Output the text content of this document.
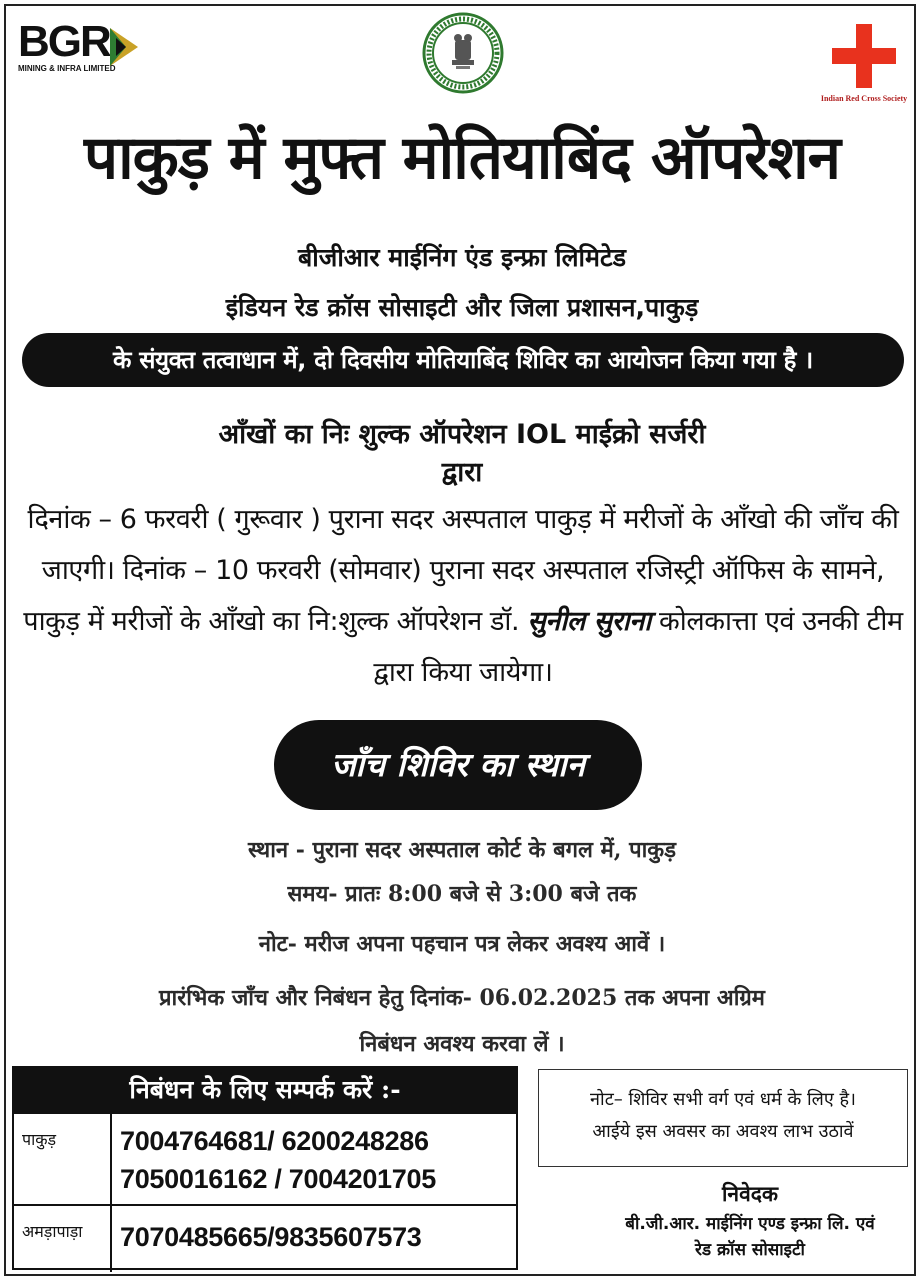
BGR
MINING & INFRA LIMITED
Indian Red Cross Society
पाकुड़ में मुफ्त मोतियाबिंद ऑपरेशन
बीजीआर माईनिंग एंड इन्फ्रा लिमिटेड
इंडियन रेड क्रॉस सोसाइटी और जिला प्रशासन,पाकुड़
के संयुक्त तत्वाधान में, दो दिवसीय मोतियाबिंद शिविर का आयोजन किया गया है ।
आँखों का निः शुल्क ऑपरेशन IOL माईक्रो सर्जरी
द्वारा
दिनांक – 6 फरवरी ( गुरूवार ) पुराना सदर अस्पताल पाकुड़ में मरीजों के आँखो की जाँच की जाएगी। दिनांक – 10 फरवरी (सोमवार) पुराना सदर अस्पताल रजिस्ट्री ऑफिस के सामने, पाकुड़ में मरीजों के आँखो का नि:शुल्क ऑपरेशन डॉ. सुनील सुराना कोलकात्ता एवं उनकी टीम द्वारा किया जायेगा।
जाँच शिविर का स्थान
स्थान - पुराना सदर अस्पताल कोर्ट के बगल में, पाकुड़
समय- प्रातः 8:00 बजे से 3:00 बजे तक
नोट- मरीज अपना पहचान पत्र लेकर अवश्य आवें ।
प्रारंभिक जाँच और निबंधन हेतु दिनांक- 06.02.2025 तक अपना अग्रिम
निबंधन अवश्य करवा लें ।
निबंधन के लिए सम्पर्क करें :-
पाकुड़	7004764681/ 6200248286
7050016162 / 7004201705
अमड़ापाड़ा	7070485665/9835607573
नोट– शिविर सभी वर्ग एवं धर्म के लिए है।
आईये इस अवसर का अवश्य लाभ उठावें
निवेदक
बी.जी.आर. माईनिंग एण्ड इन्फ्रा लि. एवं
रेड क्रॉस सोसाइटी
